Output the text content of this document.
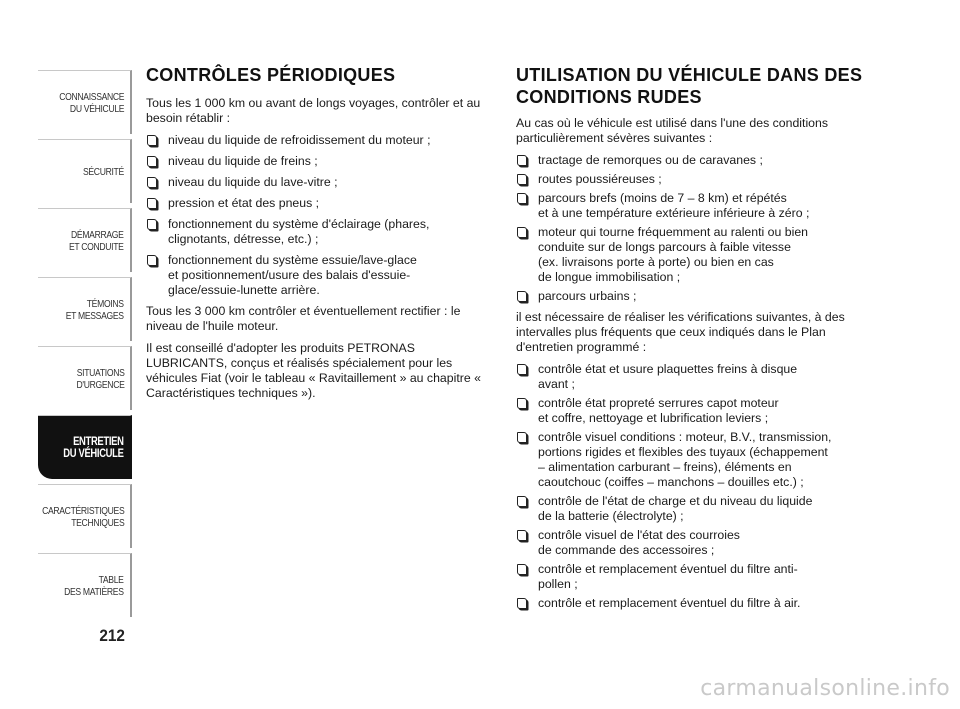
CONNAISSANCE
DU VÉHICULE
SÉCURITÉ
DÉMARRAGE
ET CONDUITE
TÉMOINS
ET MESSAGES
SITUATIONS
D'URGENCE
ENTRETIEN
DU VÉHICULE
CARACTÉRISTIQUES
TECHNIQUES
TABLE
DES MATIÈRES
212
CONTRÔLES PÉRIODIQUES

Tous les 1 000 km ou avant de longs voyages, contrôler et au besoin rétablir :

niveau du liquide de refroidissement du moteur ;
niveau du liquide de freins ;
niveau du liquide du lave-vitre ;
pression et état des pneus ;
fonctionnement du système d'éclairage (phares,
clignotants, détresse, etc.) ;
fonctionnement du système essuie/lave-glace
et positionnement/usure des balais d'essuie-
glace/essuie-lunette arrière.

Tous les 3 000 km contrôler et éventuellement rectifier : le niveau de l'huile moteur.

Il est conseillé d'adopter les produits PETRONAS LUBRICANTS, conçus et réalisés spécialement pour les véhicules Fiat (voir le tableau « Ravitaillement » au chapitre « Caractéristiques techniques »).

UTILISATION DU VÉHICULE DANS DES CONDITIONS RUDES

Au cas où le véhicule est utilisé dans l'une des conditions particulièrement sévères suivantes :

tractage de remorques ou de caravanes ;
routes poussiéreuses ;
parcours brefs (moins de 7 – 8 km) et répétés
et à une température extérieure inférieure à zéro ;
moteur qui tourne fréquemment au ralenti ou bien
conduite sur de longs parcours à faible vitesse
(ex. livraisons porte à porte) ou bien en cas
de longue immobilisation ;
parcours urbains ;

il est nécessaire de réaliser les vérifications suivantes, à des intervalles plus fréquents que ceux indiqués dans le Plan d'entretien programmé :

contrôle état et usure plaquettes freins à disque
avant ;
contrôle état propreté serrures capot moteur
et coffre, nettoyage et lubrification leviers ;
contrôle visuel conditions : moteur, B.V., transmission,
portions rigides et flexibles des tuyaux (échappement
– alimentation carburant – freins), éléments en
caoutchouc (coiffes – manchons – douilles etc.) ;
contrôle de l'état de charge et du niveau du liquide
de la batterie (électrolyte) ;
contrôle visuel de l'état des courroies
de commande des accessoires ;
contrôle et remplacement éventuel du filtre anti-
pollen ;
contrôle et remplacement éventuel du filtre à air.
carmanualsonline.info
